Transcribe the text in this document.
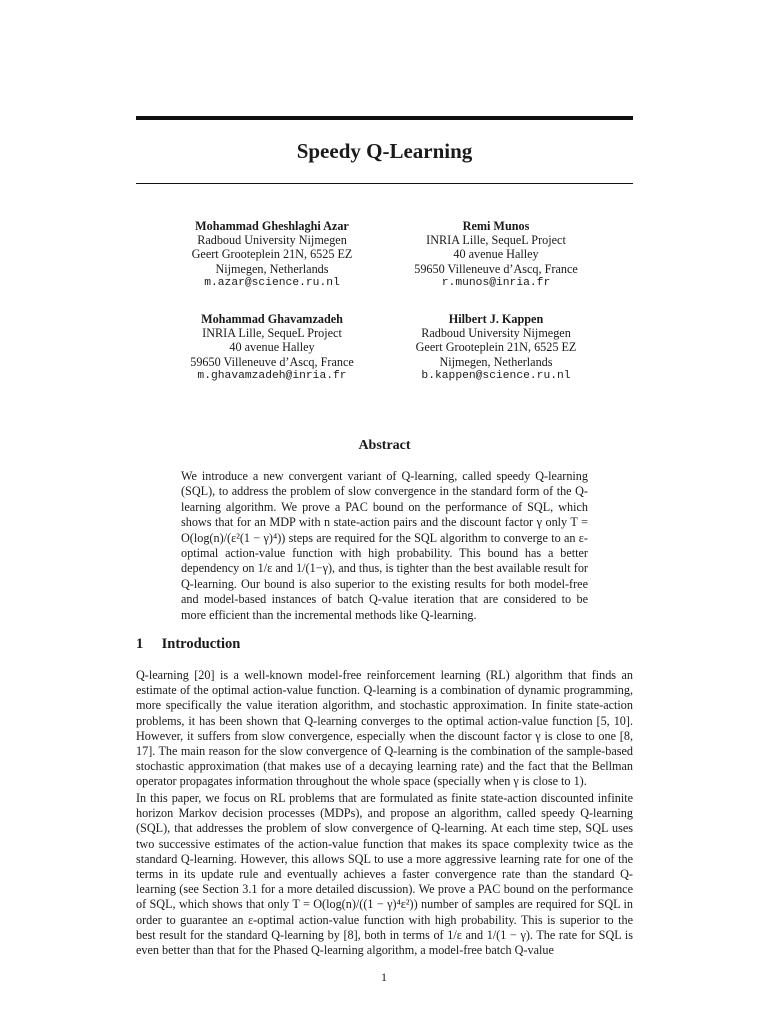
Speedy Q-Learning
Mohammad Gheshlaghi Azar
Radboud University Nijmegen
Geert Grooteplein 21N, 6525 EZ
Nijmegen, Netherlands
m.azar@science.ru.nl
Remi Munos
INRIA Lille, SequeL Project
40 avenue Halley
59650 Villeneuve d’Ascq, France
r.munos@inria.fr
Mohammad Ghavamzadeh
INRIA Lille, SequeL Project
40 avenue Halley
59650 Villeneuve d’Ascq, France
m.ghavamzadeh@inria.fr
Hilbert J. Kappen
Radboud University Nijmegen
Geert Grooteplein 21N, 6525 EZ
Nijmegen, Netherlands
b.kappen@science.ru.nl
Abstract
We introduce a new convergent variant of Q-learning, called speedy Q-learning (SQL), to address the problem of slow convergence in the standard form of the Q-learning algorithm. We prove a PAC bound on the performance of SQL, which shows that for an MDP with n state-action pairs and the discount factor γ only T = O(log(n)/(ε²(1 − γ)⁴)) steps are required for the SQL algorithm to converge to an ε-optimal action-value function with high probability. This bound has a better dependency on 1/ε and 1/(1−γ), and thus, is tighter than the best available result for Q-learning. Our bound is also superior to the existing results for both model-free and model-based instances of batch Q-value iteration that are considered to be more efficient than the incremental methods like Q-learning.
1 Introduction
Q-learning [20] is a well-known model-free reinforcement learning (RL) algorithm that finds an estimate of the optimal action-value function. Q-learning is a combination of dynamic programming, more specifically the value iteration algorithm, and stochastic approximation. In finite state-action problems, it has been shown that Q-learning converges to the optimal action-value function [5, 10]. However, it suffers from slow convergence, especially when the discount factor γ is close to one [8, 17]. The main reason for the slow convergence of Q-learning is the combination of the sample-based stochastic approximation (that makes use of a decaying learning rate) and the fact that the Bellman operator propagates information throughout the whole space (specially when γ is close to 1).
In this paper, we focus on RL problems that are formulated as finite state-action discounted infinite horizon Markov decision processes (MDPs), and propose an algorithm, called speedy Q-learning (SQL), that addresses the problem of slow convergence of Q-learning. At each time step, SQL uses two successive estimates of the action-value function that makes its space complexity twice as the standard Q-learning. However, this allows SQL to use a more aggressive learning rate for one of the terms in its update rule and eventually achieves a faster convergence rate than the standard Q-learning (see Section 3.1 for a more detailed discussion). We prove a PAC bound on the performance of SQL, which shows that only T = O(log(n)/((1 − γ)⁴ε²)) number of samples are required for SQL in order to guarantee an ε-optimal action-value function with high probability. This is superior to the best result for the standard Q-learning by [8], both in terms of 1/ε and 1/(1 − γ). The rate for SQL is even better than that for the Phased Q-learning algorithm, a model-free batch Q-value
1
